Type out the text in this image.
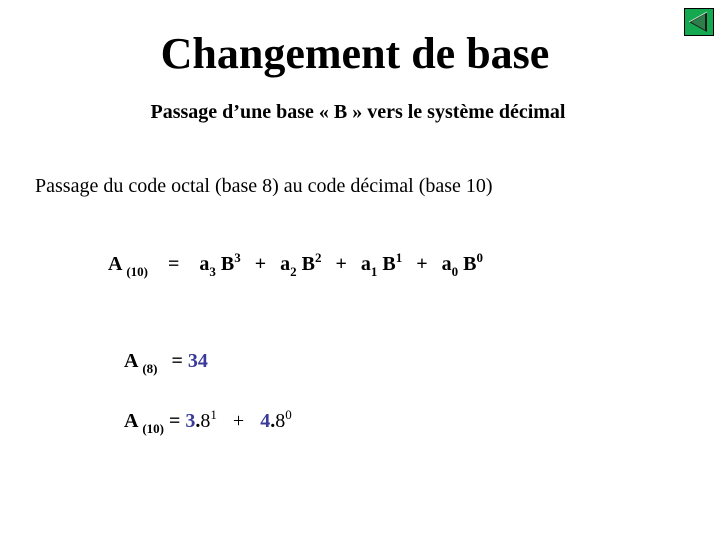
Changement de base
Passage d’une base « B » vers le système décimal
Passage du code octal (base 8) au code décimal (base 10)
A $_{(10)} = a_3$ $B^3 + a_2$ $B^2 + a_1$ $B^1 + a_0$ $B^0$
A $_{(8)}$ = 34
A $_{(10)} = 3.8^1 + 4.8^0$
